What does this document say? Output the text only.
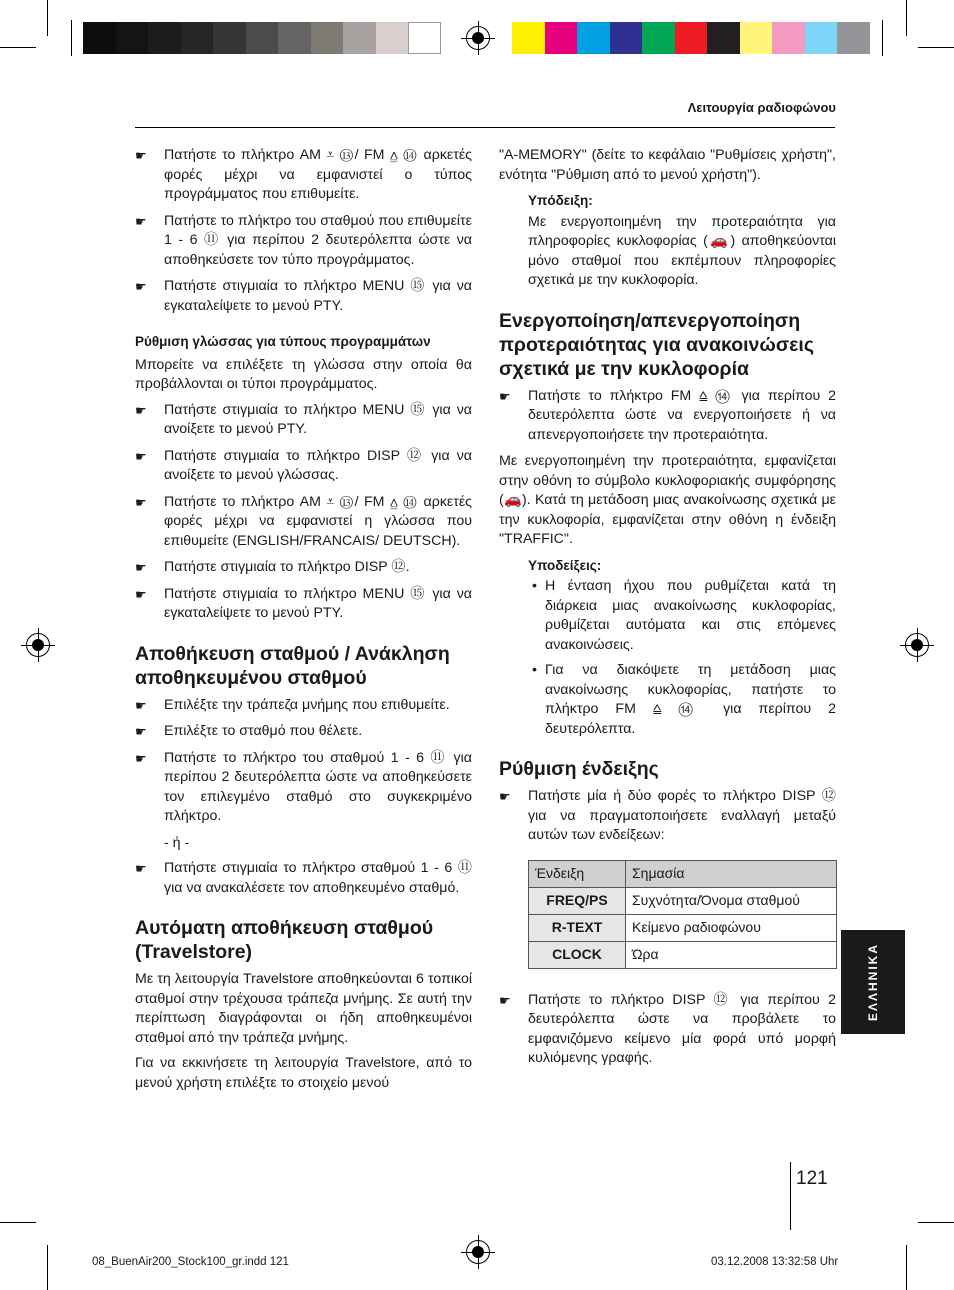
Λειτουργία ραδιοφώνου
☛ Πατήστε το πλήκτρο AM ⩡ ⑬/ FM ⩠ ⑭ αρκετές φορές μέχρι να εμφανιστεί ο τύπος προγράμματος που επιθυμείτε.
☛ Πατήστε το πλήκτρο του σταθμού που επιθυμείτε 1 - 6 ⑪ για περίπου 2 δευτερόλεπτα ώστε να αποθηκεύσετε τον τύπο προγράμματος.
☛ Πατήστε στιγμιαία το πλήκτρο MENU ⑮ για να εγκαταλείψετε το μενού PTY.
Ρύθμιση γλώσσας για τύπους προγραμμάτων

Μπορείτε να επιλέξετε τη γλώσσα στην οποία θα προβάλλονται οι τύποι προγράμματος.

☛ Πατήστε στιγμιαία το πλήκτρο MENU ⑮ για να ανοίξετε το μενού PTY.
☛ Πατήστε στιγμιαία το πλήκτρο DISP ⑫ για να ανοίξετε το μενού γλώσσας.
☛ Πατήστε το πλήκτρο AM ⩡ ⑬/ FM ⩠ ⑭ αρκετές φορές μέχρι να εμφανιστεί η γλώσσα που επιθυμείτε (ENGLISH/FRANCAIS/ DEUTSCH).
☛ Πατήστε στιγμιαία το πλήκτρο DISP ⑫.
☛ Πατήστε στιγμιαία το πλήκτρο MENU ⑮ για να εγκαταλείψετε το μενού PTY.
Αποθήκευση σταθμού / Ανάκληση αποθηκευμένου σταθμού
☛ Επιλέξτε την τράπεζα μνήμης που επιθυμείτε.
☛ Επιλέξτε το σταθμό που θέλετε.
☛ Πατήστε το πλήκτρο του σταθμού 1 - 6 ⑪ για περίπου 2 δευτερόλεπτα ώστε να αποθηκεύσετε τον επιλεγμένο σταθμό στο συγκεκριμένο πλήκτρο.
- ή -
☛ Πατήστε στιγμιαία το πλήκτρο σταθμού 1 - 6 ⑪ για να ανακαλέσετε τον αποθηκευμένο σταθμό.
Αυτόματη αποθήκευση σταθμού (Travelstore)

Με τη λειτουργία Travelstore αποθηκεύονται 6 τοπικοί σταθμοί στην τρέχουσα τράπεζα μνήμης. Σε αυτή την περίπτωση διαγράφονται οι ήδη αποθηκευμένοι σταθμοί από την τράπεζα μνήμης.

Για να εκκινήσετε τη λειτουργία Travelstore, από το μενού χρήστη επιλέξτε το στοιχείο μενού

"A-MEMORY" (δείτε το κεφάλαιο "Ρυθμίσεις χρήστη", ενότητα "Ρύθμιση από το μενού χρήστη").

Υπόδειξη:
Με ενεργοποιημένη την προτεραιότητα για πληροφορίες κυκλοφορίας (🚗) αποθηκεύονται μόνο σταθμοί που εκπέμπουν πληροφορίες σχετικά με την κυκλοφορία.
Ενεργοποίηση/απενεργοποίηση προτεραιότητας για ανακοινώσεις σχετικά με την κυκλοφορία
☛ Πατήστε το πλήκτρο FM ⩠ ⑭ για περίπου 2 δευτερόλεπτα ώστε να ενεργοποιήσετε ή να απενεργοποιήσετε την προτεραιότητα.

Με ενεργοποιημένη την προτεραιότητα, εμφανίζεται στην οθόνη το σύμβολο κυκλοφοριακής συμφόρησης (🚗). Κατά τη μετάδοση μιας ανακοίνωσης σχετικά με την κυκλοφορία, εμφανίζεται στην οθόνη η ένδειξη "TRAFFIC".

Υποδείξεις:
• Η ένταση ήχου που ρυθμίζεται κατά τη διάρκεια μιας ανακοίνωσης κυκλοφορίας, ρυθμίζεται αυτόματα και στις επόμενες ανακοινώσεις.
• Για να διακόψετε τη μετάδοση μιας ανακοίνωσης κυκλοφορίας, πατήστε το πλήκτρο FM ⩠ ⑭ για περίπου 2 δευτερόλεπτα.
Ρύθμιση ένδειξης
☛ Πατήστε μία ή δύο φορές το πλήκτρο DISP ⑫ για να πραγματοποιήσετε εναλλαγή μεταξύ αυτών των ενδείξεων:
Ένδειξη	Σημασία
FREQ/PS	Συχνότητα/Όνομα σταθμού
R-TEXT	Κείμενο ραδιοφώνου
CLOCK	Ώρα
☛ Πατήστε το πλήκτρο DISP ⑫ για περίπου 2 δευτερόλεπτα ώστε να προβάλετε το εμφανιζόμενο κείμενο μία φορά υπό μορφή κυλιόμενης γραφής.
ΕΛΛΗΝΙΚΑ
121
08_BuenAir200_Stock100_gr.indd 121	03.12.2008 13:32:58 Uhr
